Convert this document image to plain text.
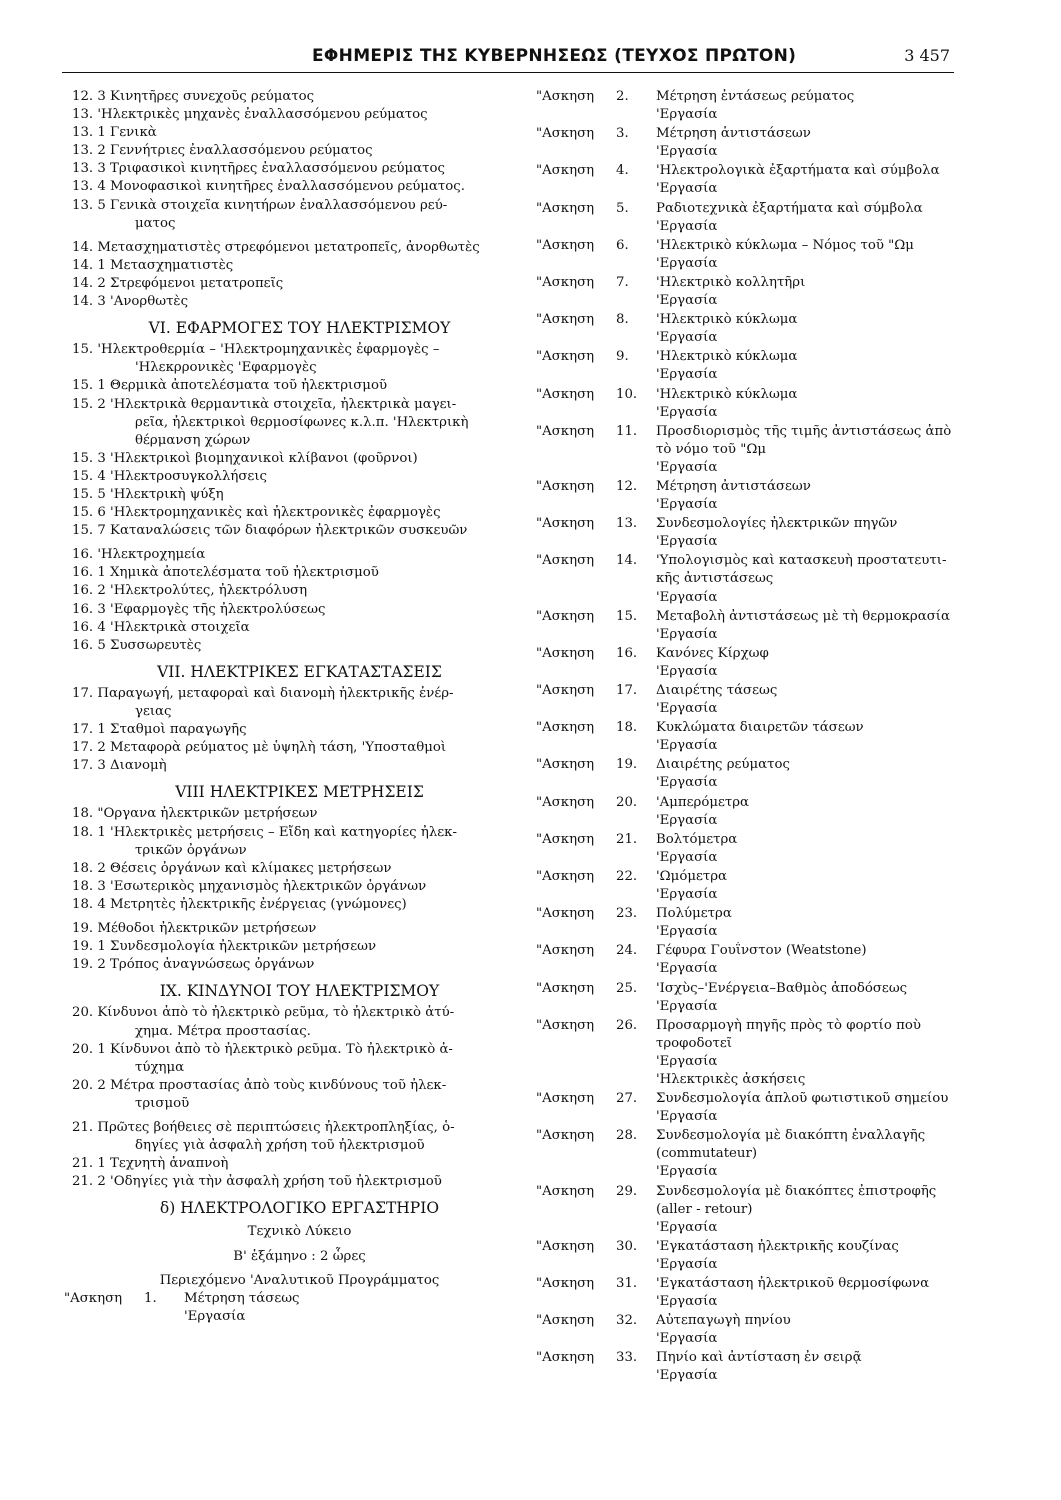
ΕΦΗΜΕΡΙΣ ΤΗΣ ΚΥΒΕΡΝΗΣΕΩΣ (ΤΕΥΧΟΣ ΠΡΩΤΟΝ)	3 457
12. 3 Κινητῆρες συνεχοῦς ρεύματος
13. 'Ηλεκτρικὲς μηχανὲς ἐναλλασσόμενου ρεύματος
13. 1 Γενικὰ
13. 2 Γεννήτριες ἐναλλασσόμενου ρεύματος
13. 3 Τριφασικοὶ κινητῆρες ἐναλλασσόμενου ρεύματος
13. 4 Μονοφασικοὶ κινητῆρες ἐναλλασσόμενου ρεύματος.
13. 5 Γενικὰ στοιχεῖα κινητήρων ἐναλλασσόμενου ρεύ-
ματος
14. Μετασχηματιστὲς στρεφόμενοι μετατροπεῖς, ἀνορθωτὲς
14. 1 Μετασχηματιστὲς
14. 2 Στρεφόμενοι μετατροπεῖς
14. 3 'Ανορθωτὲς
VI. ΕΦΑΡΜΟΓΕΣ ΤΟΥ ΗΛΕΚΤΡΙΣΜΟΥ
15. 'Ηλεκτροθερμία – 'Ηλεκτρομηχανικὲς ἐφαρμογὲς –
'Ηλεκρρονικὲς 'Εφαρμογὲς
15. 1 Θερμικὰ ἀποτελέσματα τοῦ ἠλεκτρισμοῦ
15. 2 'Ηλεκτρικὰ θερμαντικὰ στοιχεῖα, ἠλεκτρικὰ μαγει-
ρεῖα, ἠλεκτρικοὶ θερμοσίφωνες κ.λ.π. 'Ηλεκτρικὴ
θέρμανση χώρων
15. 3 'Ηλεκτρικοὶ βιομηχανικοὶ κλίβανοι (φοῦρνοι)
15. 4 'Ηλεκτροσυγκολλήσεις
15. 5 'Ηλεκτρικὴ ψύξη
15. 6 'Ηλεκτρομηχανικὲς καὶ ἠλεκτρονικὲς ἐφαρμογὲς
15. 7 Καταναλώσεις τῶν διαφόρων ἠλεκτρικῶν συσκευῶν
16. 'Ηλεκτροχημεία
16. 1 Χημικὰ ἀποτελέσματα τοῦ ἠλεκτρισμοῦ
16. 2 'Ηλεκτρολύτες, ἠλεκτρόλυση
16. 3 'Εφαρμογὲς τῆς ἠλεκτρολύσεως
16. 4 'Ηλεκτρικὰ στοιχεῖα
16. 5 Συσσωρευτὲς
VII. ΗΛΕΚΤΡΙΚΕΣ ΕΓΚΑΤΑΣΤΑΣΕΙΣ
17. Παραγωγή, μεταφοραὶ καὶ διανομὴ ἠλεκτρικῆς ἐνέρ-
γειας
17. 1 Σταθμοὶ παραγωγῆς
17. 2 Μεταφορὰ ρεύματος μὲ ὑψηλὴ τάση, 'Υποσταθμοὶ
17. 3 Διανομὴ
VIII ΗΛΕΚΤΡΙΚΕΣ ΜΕΤΡΗΣΕΙΣ
18. "Οργανα ἠλεκτρικῶν μετρήσεων
18. 1 'Ηλεκτρικὲς μετρήσεις – Εἴδη καὶ κατηγορίες ἠλεκ-
τρικῶν ὀργάνων
18. 2 Θέσεις ὀργάνων καὶ κλίμακες μετρήσεων
18. 3 'Εσωτερικὸς μηχανισμὸς ἠλεκτρικῶν ὀργάνων
18. 4 Μετρητὲς ἠλεκτρικῆς ἐνέργειας (γνώμονες)
19. Μέθοδοι ἠλεκτρικῶν μετρήσεων
19. 1 Συνδεσμολογία ἠλεκτρικῶν μετρήσεων
19. 2 Τρόπος ἀναγνώσεως ὀργάνων
IX. ΚΙΝΔΥΝΟΙ ΤΟΥ ΗΛΕΚΤΡΙΣΜΟΥ
20. Κίνδυνοι ἀπὸ τὸ ἠλεκτρικὸ ρεῦμα, τὸ ἠλεκτρικὸ ἀτύ-
χημα. Μέτρα προστασίας.
20. 1 Κίνδυνοι ἀπὸ τὸ ἠλεκτρικὸ ρεῦμα. Τὸ ἠλεκτρικὸ ἀ-
τύχημα
20. 2 Μέτρα προστασίας ἀπὸ τοὺς κινδύνους τοῦ ἠλεκ-
τρισμοῦ
21. Πρῶτες βοήθειες σὲ περιπτώσεις ἠλεκτροπληξίας, ὁ-
δηγίες γιὰ ἀσφαλὴ χρήση τοῦ ἠλεκτρισμοῦ
21. 1 Τεχνητὴ ἀναπνοὴ
21. 2 'Οδηγίες γιὰ τὴν ἀσφαλὴ χρήση τοῦ ἠλεκτρισμοῦ
δ) ΗΛΕΚΤΡΟΛΟΓΙΚΟ ΕΡΓΑΣΤΗΡΙΟ
Τεχνικὸ Λύκειο
Β' ἑξάμηνο : 2 ὧρες
Περιεχόμενο 'Αναλυτικοῦ Προγράμματος
"Ασκηση	1.	Μέτρηση τάσεως
'Εργασία
"Ασκηση	2.	Μέτρηση ἐντάσεως ρεύματος
'Εργασία
"Ασκηση	3.	Μέτρηση ἀντιστάσεων
'Εργασία
"Ασκηση	4.	'Ηλεκτρολογικὰ ἐξαρτήματα καὶ σύμβολα
'Εργασία
"Ασκηση	5.	Ραδιοτεχνικὰ ἐξαρτήματα καὶ σύμβολα
'Εργασία
"Ασκηση	6.	'Ηλεκτρικὸ κύκλωμα – Νόμος τοῦ "Ωμ
'Εργασία
"Ασκηση	7.	'Ηλεκτρικὸ κολλητῆρι
'Εργασία
"Ασκηση	8.	'Ηλεκτρικὸ κύκλωμα
'Εργασία
"Ασκηση	9.	'Ηλεκτρικὸ κύκλωμα
'Εργασία
"Ασκηση	10.	'Ηλεκτρικὸ κύκλωμα
'Εργασία
"Ασκηση	11.	Προσδιορισμὸς τῆς τιμῆς ἀντιστάσεως ἀπὸ
τὸ νόμο τοῦ "Ωμ
'Εργασία
"Ασκηση	12.	Μέτρηση ἀντιστάσεων
'Εργασία
"Ασκηση	13.	Συνδεσμολογίες ἠλεκτρικῶν πηγῶν
'Εργασία
"Ασκηση	14.	'Υπολογισμὸς καὶ κατασκευὴ προστατευτι-
κῆς ἀντιστάσεως
'Εργασία
"Ασκηση	15.	Μεταβολὴ ἀντιστάσεως μὲ τὴ θερμοκρασία
'Εργασία
"Ασκηση	16.	Κανόνες Κίρχωφ
'Εργασία
"Ασκηση	17.	Διαιρέτης τάσεως
'Εργασία
"Ασκηση	18.	Κυκλώματα διαιρετῶν τάσεων
'Εργασία
"Ασκηση	19.	Διαιρέτης ρεύματος
'Εργασία
"Ασκηση	20.	'Αμπερόμετρα
'Εργασία
"Ασκηση	21.	Βολτόμετρα
'Εργασία
"Ασκηση	22.	'Ωμόμετρα
'Εργασία
"Ασκηση	23.	Πολύμετρα
'Εργασία
"Ασκηση	24.	Γέφυρα Γουΐνστον (Weatstone)
'Εργασία
"Ασκηση	25.	'Ισχὺς–'Ενέργεια–Βαθμὸς ἀποδόσεως
'Εργασία
"Ασκηση	26.	Προσαρμογὴ πηγῆς πρὸς τὸ φορτίο ποὺ
τροφοδοτεῖ
'Εργασία
'Ηλεκτρικὲς ἀσκήσεις
"Ασκηση	27.	Συνδεσμολογία ἁπλοῦ φωτιστικοῦ σημείου
'Εργασία
"Ασκηση	28.	Συνδεσμολογία μὲ διακόπτη ἐναλλαγῆς
(commutateur)
'Εργασία
"Ασκηση	29.	Συνδεσμολογία μὲ διακόπτες ἐπιστροφῆς
(aller - retour)
'Εργασία
"Ασκηση	30.	'Εγκατάσταση ἠλεκτρικῆς κουζίνας
'Εργασία
"Ασκηση	31.	'Εγκατάσταση ἠλεκτρικοῦ θερμοσίφωνα
'Εργασία
"Ασκηση	32.	Αὐτεπαγωγὴ πηνίου
'Εργασία
"Ασκηση	33.	Πηνίο καὶ ἀντίσταση ἐν σειρᾷ
'Εργασία
